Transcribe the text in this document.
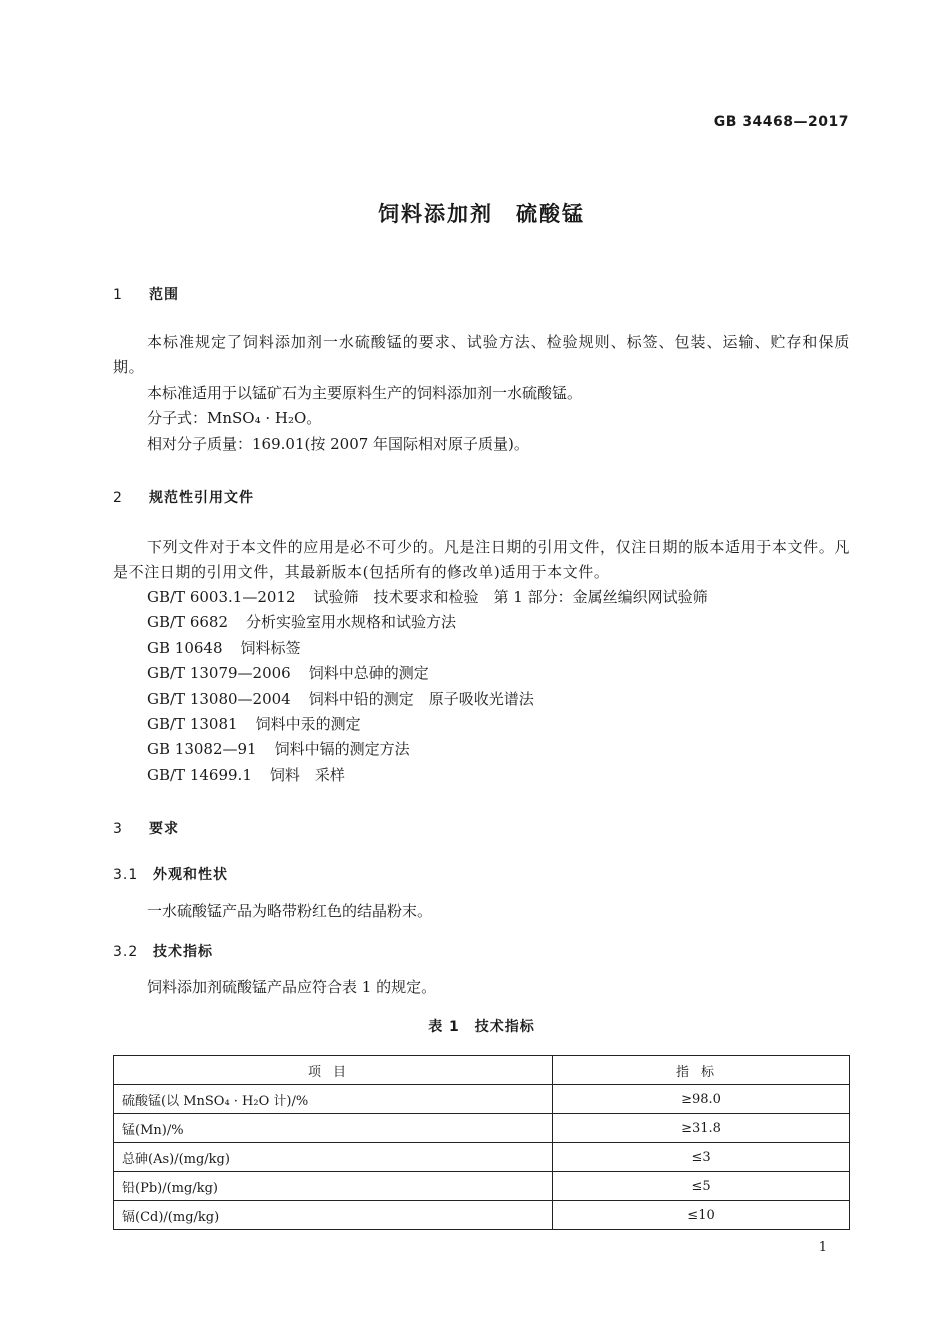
GB 34468—2017
饲料添加剂　硫酸锰
1 范围
本标准规定了饲料添加剂一水硫酸锰的要求、试验方法、检验规则、标签、包装、运输、贮存和保质期。
本标准适用于以锰矿石为主要原料生产的饲料添加剂一水硫酸锰。
分子式：MnSO₄ · H₂O。
相对分子质量：169.01(按 2007 年国际相对原子质量)。
2 规范性引用文件
下列文件对于本文件的应用是必不可少的。凡是注日期的引用文件，仅注日期的版本适用于本文件。凡是不注日期的引用文件，其最新版本(包括所有的修改单)适用于本文件。
GB/T 6003.1—2012 试验筛　技术要求和检验　第 1 部分：金属丝编织网试验筛
GB/T 6682 分析实验室用水规格和试验方法
GB 10648 饲料标签
GB/T 13079—2006 饲料中总砷的测定
GB/T 13080—2004 饲料中铅的测定　原子吸收光谱法
GB/T 13081 饲料中汞的测定
GB 13082—91 饲料中镉的测定方法
GB/T 14699.1 饲料　采样
3 要求
3.1 外观和性状
一水硫酸锰产品为略带粉红色的结晶粉末。
3.2 技术指标
饲料添加剂硫酸锰产品应符合表 1 的规定。
表 1　技术指标
项目	指标
硫酸锰(以 MnSO₄ · H₂O 计)/%	≥98.0
锰(Mn)/%	≥31.8
总砷(As)/(mg/kg)	≤3
铅(Pb)/(mg/kg)	≤5
镉(Cd)/(mg/kg)	≤10
1
